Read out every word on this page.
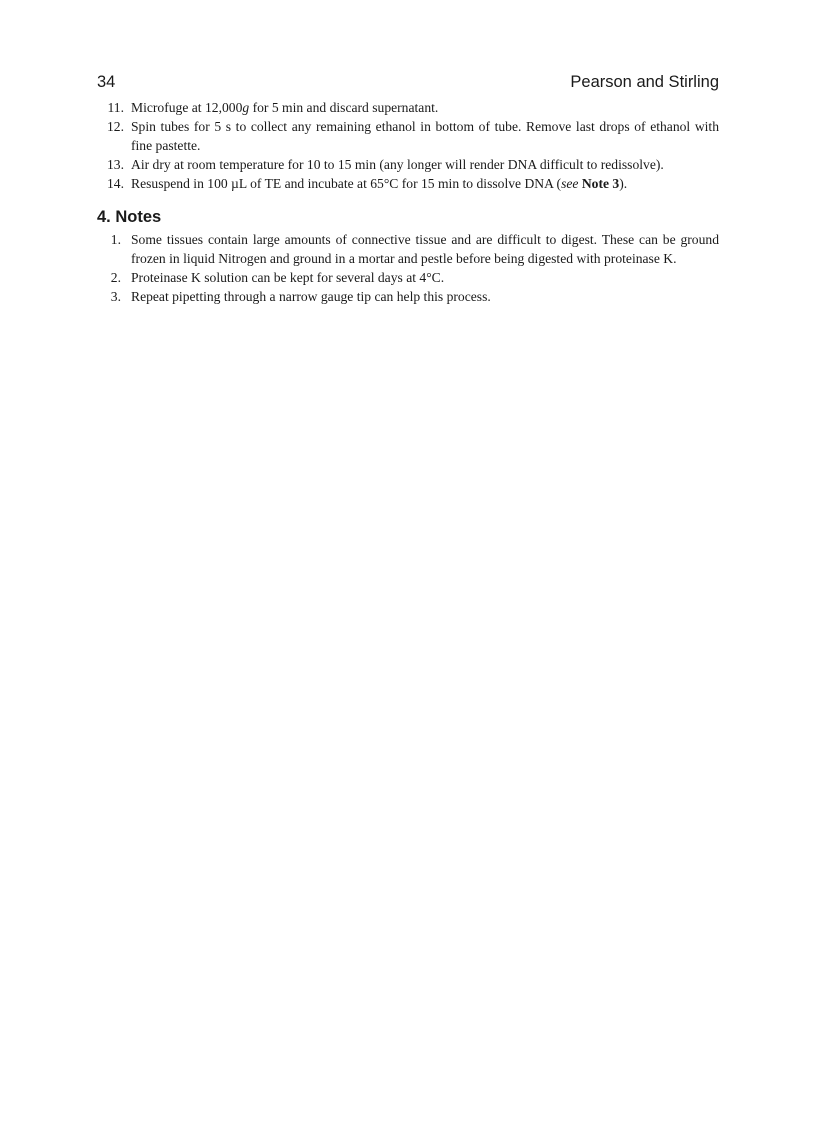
34	Pearson and Stirling
11. Microfuge at 12,000g for 5 min and discard supernatant.
12. Spin tubes for 5 s to collect any remaining ethanol in bottom of tube. Remove last drops of ethanol with fine pastette.
13. Air dry at room temperature for 10 to 15 min (any longer will render DNA difficult to redissolve).
14. Resuspend in 100 µL of TE and incubate at 65°C for 15 min to dissolve DNA (see Note 3).
4. Notes
1. Some tissues contain large amounts of connective tissue and are difficult to digest. These can be ground frozen in liquid Nitrogen and ground in a mortar and pestle before being digested with proteinase K.
2. Proteinase K solution can be kept for several days at 4°C.
3. Repeat pipetting through a narrow gauge tip can help this process.
